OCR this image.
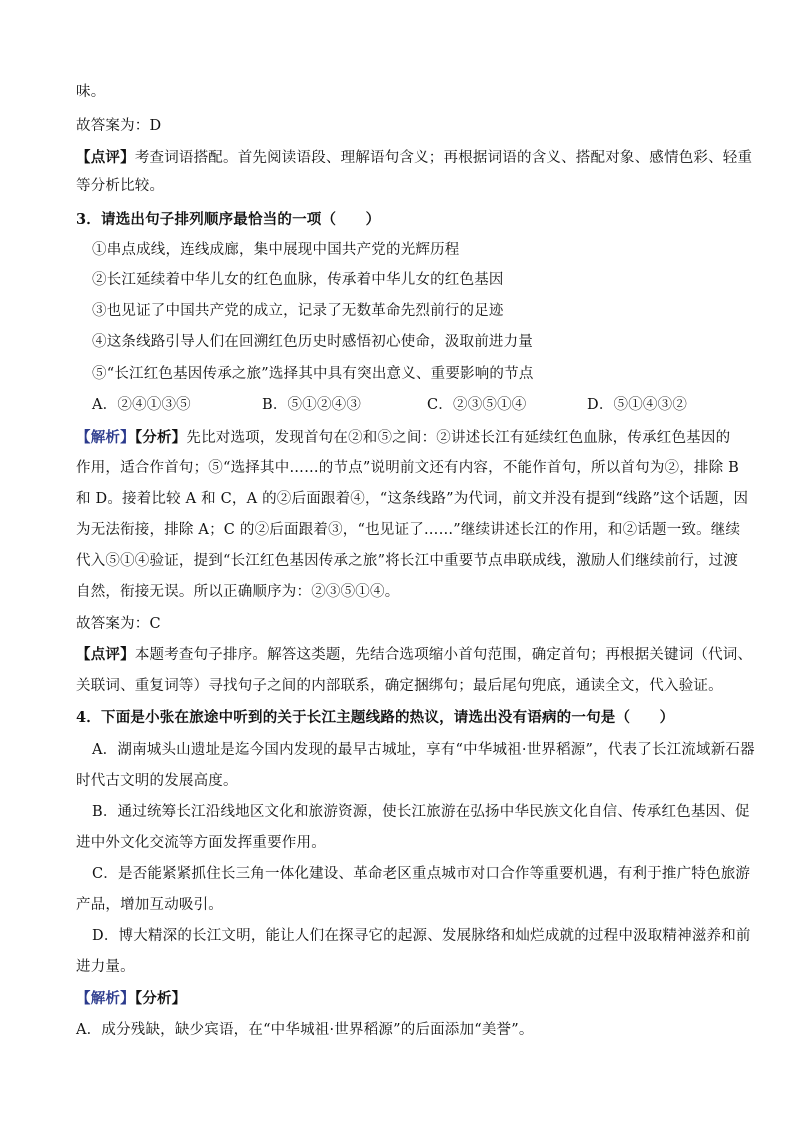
味。
故答案为：D
【点评】考查词语搭配。首先阅读语段、理解语句含义；再根据词语的含义、搭配对象、感情色彩、轻重
等分析比较。
3．请选出句子排列顺序最恰当的一项（　　）
①串点成线，连线成廊，集中展现中国共产党的光辉历程
②长江延续着中华儿女的红色血脉，传承着中华儿女的红色基因
③也见证了中国共产党的成立，记录了无数革命先烈前行的足迹
④这条线路引导人们在回溯红色历史时感悟初心使命，汲取前进力量
⑤“长江红色基因传承之旅”选择其中具有突出意义、重要影响的节点
A．②④①③⑤	B．⑤①②④③	C．②③⑤①④	D．⑤①④③②
【解析】【分析】先比对选项，发现首句在②和⑤之间：②讲述长江有延续红色血脉，传承红色基因的
作用，适合作首句；⑤“选择其中……的节点”说明前文还有内容，不能作首句，所以首句为②，排除 B
和 D。接着比较 A 和 C，A 的②后面跟着④，“这条线路”为代词，前文并没有提到“线路”这个话题，因
为无法衔接，排除 A；C 的②后面跟着③，“也见证了……”继续讲述长江的作用，和②话题一致。继续
代入⑤①④验证，提到“长江红色基因传承之旅”将长江中重要节点串联成线，激励人们继续前行，过渡
自然，衔接无误。所以正确顺序为：②③⑤①④。
故答案为：C
【点评】本题考查句子排序。解答这类题，先结合选项缩小首句范围，确定首句；再根据关键词（代词、
关联词、重复词等）寻找句子之间的内部联系，确定捆绑句；最后尾句兜底，通读全文，代入验证。
4．下面是小张在旅途中听到的关于长江主题线路的热议，请选出没有语病的一句是（　　）
A．湖南城头山遗址是迄今国内发现的最早古城址，享有“中华城祖·世界稻源”，代表了长江流域新石器
时代古文明的发展高度。
B．通过统筹长江沿线地区文化和旅游资源，使长江旅游在弘扬中华民族文化自信、传承红色基因、促
进中外文化交流等方面发挥重要作用。
C．是否能紧紧抓住长三角一体化建设、革命老区重点城市对口合作等重要机遇，有利于推广特色旅游
产品，增加互动吸引。
D．博大精深的长江文明，能让人们在探寻它的起源、发展脉络和灿烂成就的过程中汲取精神滋养和前
进力量。
【解析】【分析】
A．成分残缺，缺少宾语，在“中华城祖·世界稻源”的后面添加“美誉”。
